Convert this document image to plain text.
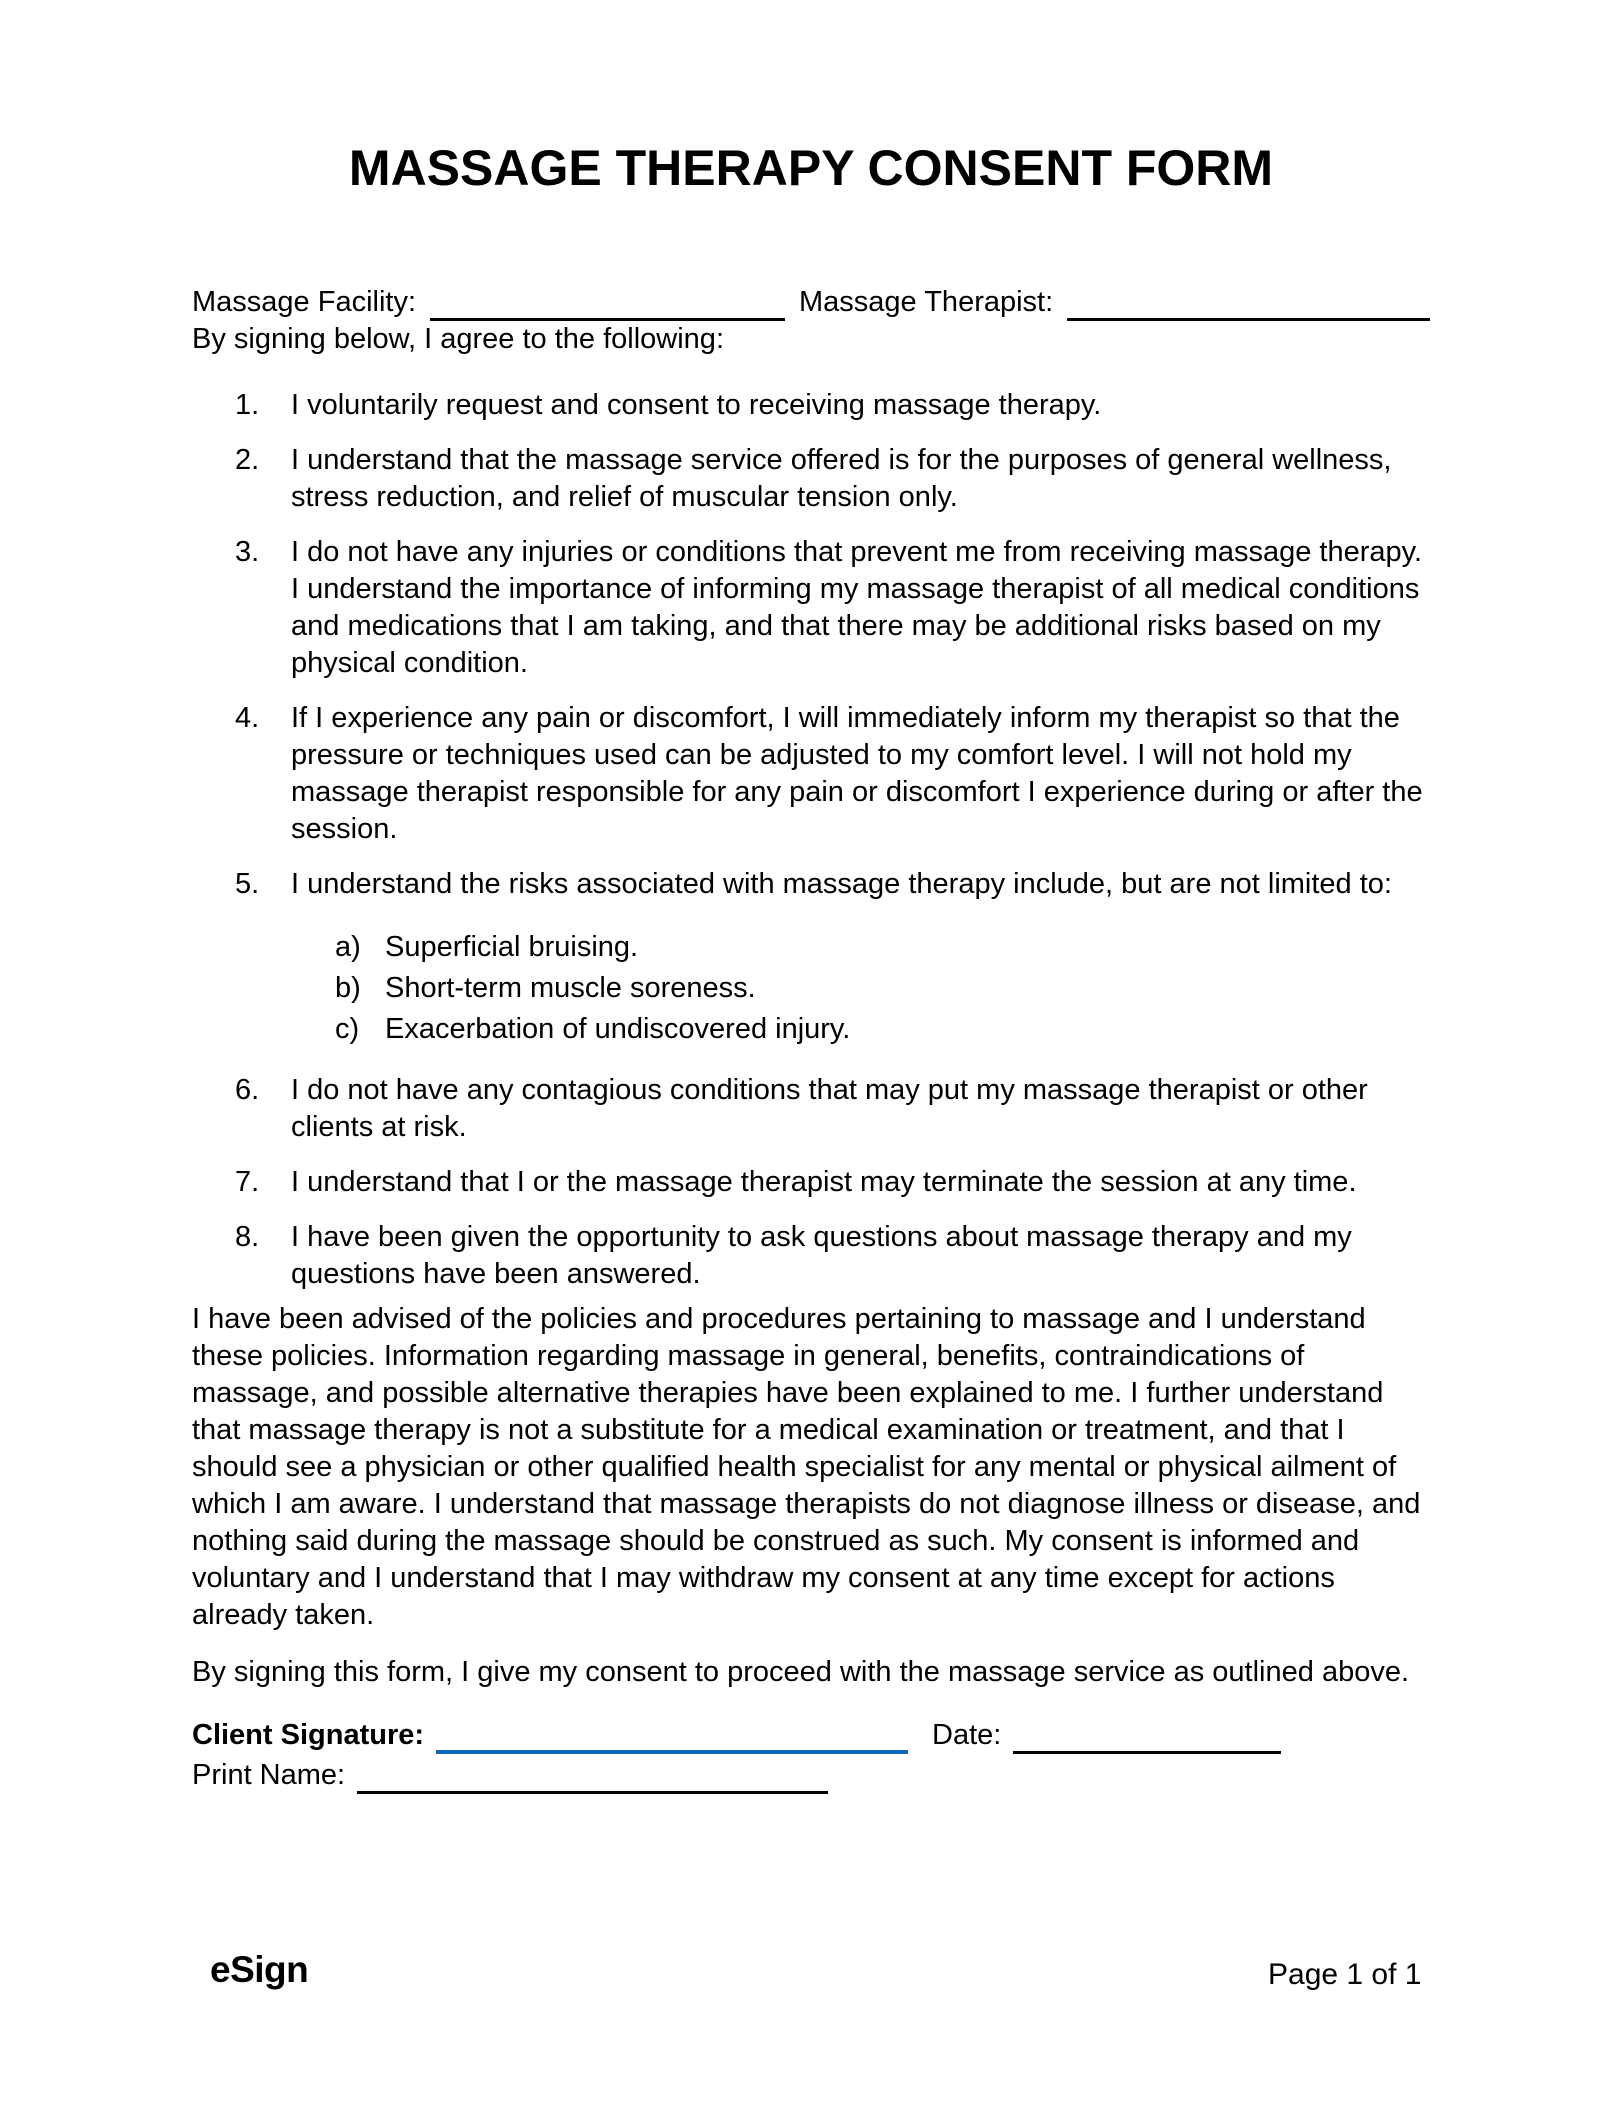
MASSAGE THERAPY CONSENT FORM
Massage Facility:	Massage Therapist:

By signing below, I agree to the following:

1.	I voluntarily request and consent to receiving massage therapy.
2.	I understand that the massage service offered is for the purposes of general wellness, stress reduction, and relief of muscular tension only.
3.	I do not have any injuries or conditions that prevent me from receiving massage therapy. I understand the importance of informing my massage therapist of all medical conditions and medications that I am taking, and that there may be additional risks based on my physical condition.
4.	If I experience any pain or discomfort, I will immediately inform my therapist so that the pressure or techniques used can be adjusted to my comfort level. I will not hold my massage therapist responsible for any pain or discomfort I experience during or after the session.
5.	I understand the risks associated with massage therapy include, but are not limited to:
a) Superficial bruising.
b) Short-term muscle soreness.
c) Exacerbation of undiscovered injury.
6.	I do not have any contagious conditions that may put my massage therapist or other clients at risk.
7.	I understand that I or the massage therapist may terminate the session at any time.
8.	I have been given the opportunity to ask questions about massage therapy and my questions have been answered.

I have been advised of the policies and procedures pertaining to massage and I understand these policies. Information regarding massage in general, benefits, contraindications of massage, and possible alternative therapies have been explained to me. I further understand that massage therapy is not a substitute for a medical examination or treatment, and that I should see a physician or other qualified health specialist for any mental or physical ailment of which I am aware. I understand that massage therapists do not diagnose illness or disease, and nothing said during the massage should be construed as such. My consent is informed and voluntary and I understand that I may withdraw my consent at any time except for actions already taken.

By signing this form, I give my consent to proceed with the massage service as outlined above.

Client Signature:	Date:
Print Name:
eSign	Page 1 of 1
